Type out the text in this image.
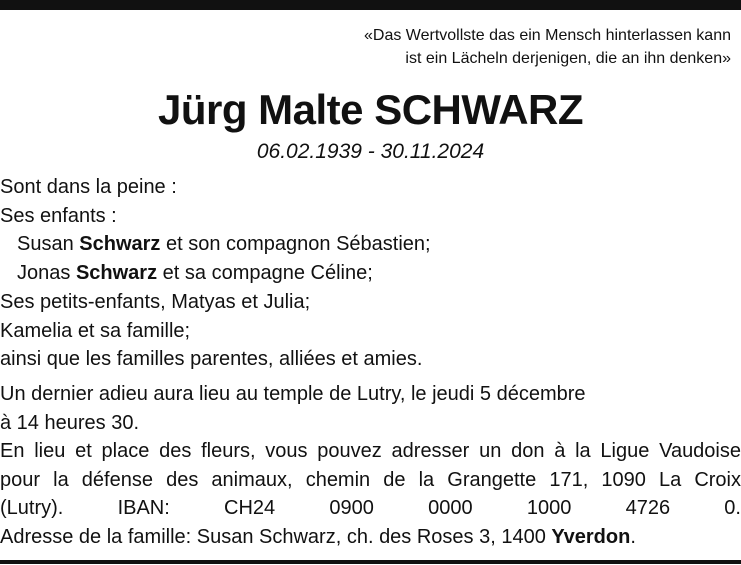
«Das Wertvollste das ein Mensch hinterlassen kann
ist ein Lächeln derjenigen, die an ihn denken»
Jürg Malte SCHWARZ
06.02.1939 - 30.11.2024
Sont dans la peine :
Ses enfants :
Susan Schwarz et son compagnon Sébastien;
Jonas Schwarz et sa compagne Céline;
Ses petits-enfants, Matyas et Julia;
Kamelia et sa famille;
ainsi que les familles parentes, alliées et amies.
Un dernier adieu aura lieu au temple de Lutry, le jeudi 5 décembre
à 14 heures 30.
En lieu et place des fleurs, vous pouvez adresser un don à la Ligue Vaudoise
pour la défense des animaux, chemin de la Grangette 171, 1090 La Croix
(Lutry). IBAN: CH24 0900 0000 1000 4726 0.
Adresse de la famille: Susan Schwarz, ch. des Roses 3, 1400 Yverdon.
